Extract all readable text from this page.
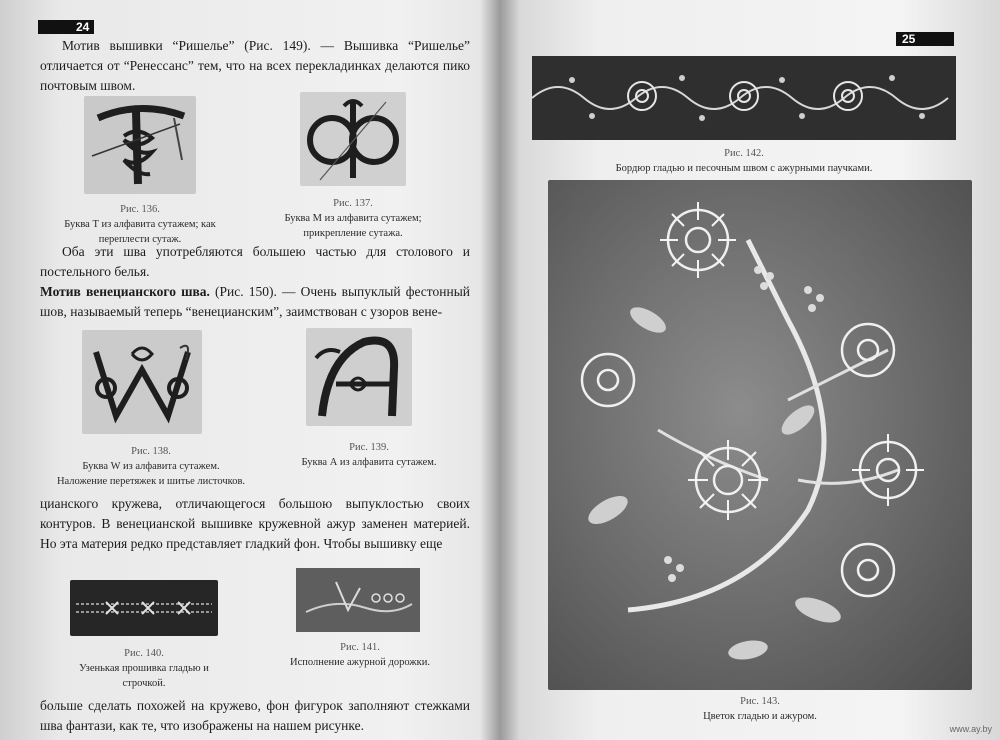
24
Мотив вышивки “Ришелье” (Рис. 149). — Вышивка “Ришелье” отличается от “Ренессанс” тем, что на всех перекладинках делаются пико почтовым швом.
Рис. 136.
Буква Т из алфавита сутажем; как переплести сутаж.
Рис. 137.
Буква М из алфавита сутажем; прикрепление сутажа.
Оба эти шва употребляются большею частью для столового и постельного белья.
Мотив венецианского шва. (Рис. 150). — Очень выпуклый фестонный шов, называемый теперь “венецианским”, заимствован с узоров вене-
Рис. 138.
Буква W из алфавита сутажем. Наложение перетяжек и шитье листочков.
Рис. 139.
Буква А из алфавита сутажем.
цианского кружева, отличающегося большою выпуклостью своих контуров. В венецианской вышивке кружевной ажур заменен материей. Но эта материя редко представляет гладкий фон. Чтобы вышивку еще
Рис. 140.
Узенькая прошивка гладью и строчкой.
Рис. 141.
Исполнение ажурной дорожки.
больше сделать похожей на кружево, фон фигурок заполняют стежками шва фантази, как те, что изображены на нашем рисунке.
25
Рис. 142.
Бордюр гладью и песочным швом с ажурными паучками.
Рис. 143.
Цветок гладью и ажуром.
www.ay.by
